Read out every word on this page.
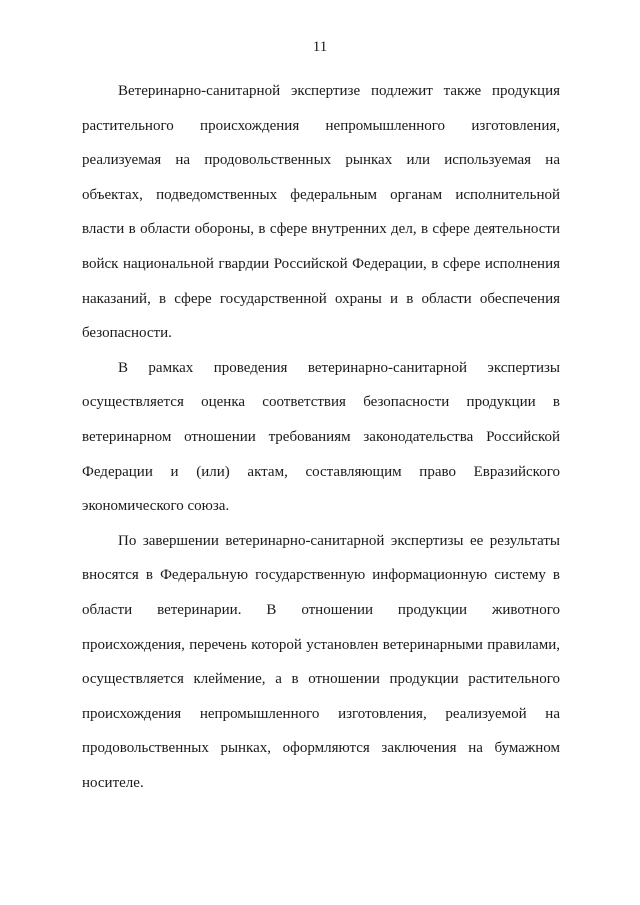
11
Ветеринарно-санитарной экспертизе подлежит также продукция
растительного происхождения непромышленного изготовления,
реализуемая на продовольственных рынках или используемая на
объектах, подведомственных федеральным органам исполнительной
власти в области обороны, в сфере внутренних дел, в сфере деятельности
войск национальной гвардии Российской Федерации, в сфере исполнения
наказаний, в сфере государственной охраны и в области обеспечения
безопасности.
В рамках проведения ветеринарно-санитарной экспертизы
осуществляется оценка соответствия безопасности продукции в
ветеринарном отношении требованиям законодательства Российской
Федерации и (или) актам, составляющим право Евразийского
экономического союза.
По завершении ветеринарно-санитарной экспертизы ее результаты
вносятся в Федеральную государственную информационную систему в
области ветеринарии. В отношении продукции животного
происхождения, перечень которой установлен ветеринарными правилами,
осуществляется клеймение, а в отношении продукции растительного
происхождения непромышленного изготовления, реализуемой на
продовольственных рынках, оформляются заключения на бумажном
носителе.
